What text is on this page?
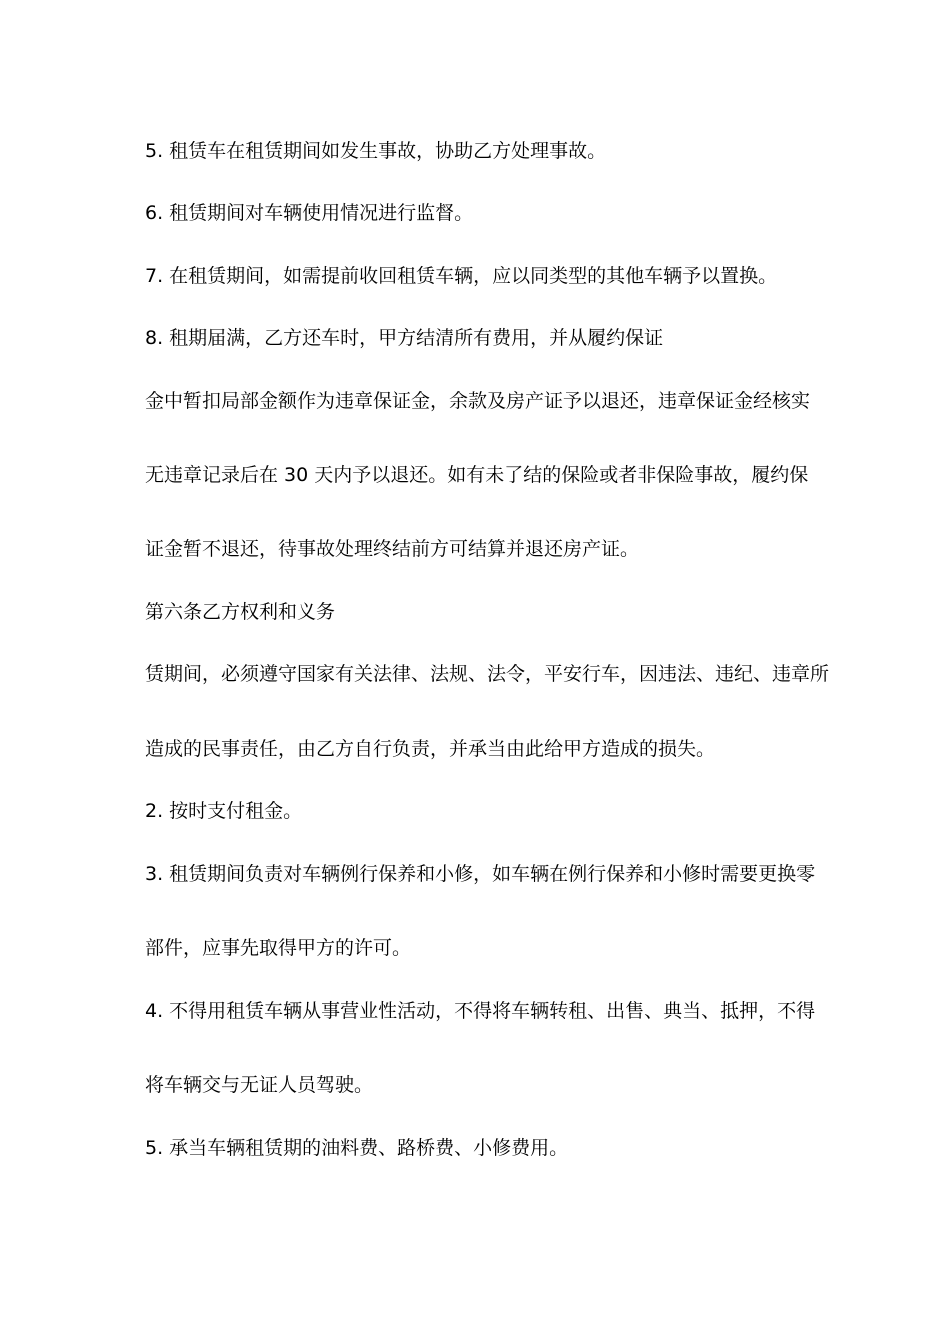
5. 租赁车在租赁期间如发生事故，协助乙方处理事故。
6. 租赁期间对车辆使用情况进行监督。
7. 在租赁期间，如需提前收回租赁车辆，应以同类型的其他车辆予以置换。
8. 租期届满，乙方还车时，甲方结清所有费用，并从履约保证
金中暂扣局部金额作为违章保证金，余款及房产证予以退还，违章保证金经核实
无违章记录后在 30 天内予以退还。如有未了结的保险或者非保险事故，履约保
证金暂不退还，待事故处理终结前方可结算并退还房产证。
第六条乙方权利和义务
赁期间，必须遵守国家有关法律、法规、法令，平安行车，因违法、违纪、违章所
造成的民事责任，由乙方自行负责，并承当由此给甲方造成的损失。
2. 按时支付租金。
3. 租赁期间负责对车辆例行保养和小修，如车辆在例行保养和小修时需要更换零
部件，应事先取得甲方的许可。
4. 不得用租赁车辆从事营业性活动，不得将车辆转租、出售、典当、抵押，不得
将车辆交与无证人员驾驶。
5. 承当车辆租赁期的油料费、路桥费、小修费用。
